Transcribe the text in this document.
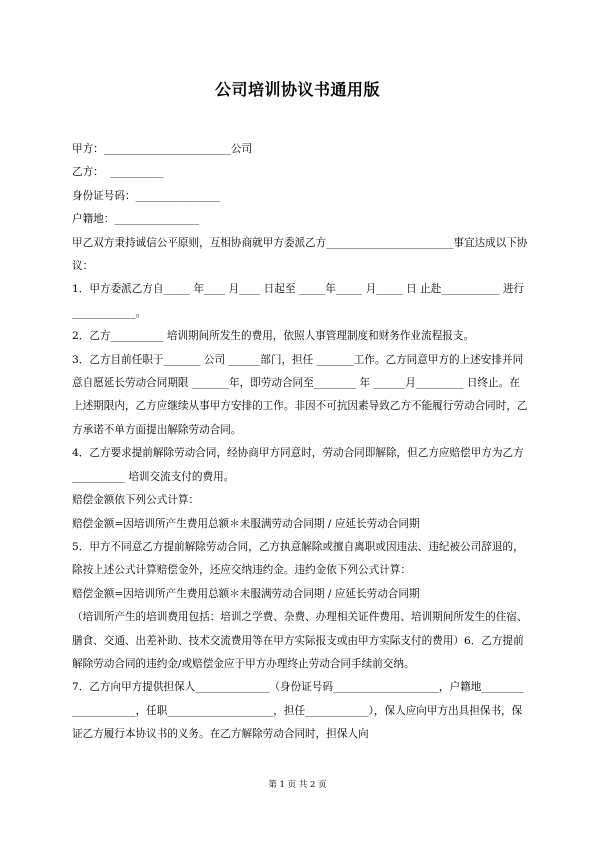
公司培训协议书通用版

甲方：________________________公司

乙方：  __________

身份证号码：________________

户籍地：________________

甲乙双方秉持诚信公平原则，互相协商就甲方委派乙方________________________事宜达成以下协议：

1．甲方委派乙方自_____ 年____ 月____ 日起至 _____年_____ 月_____ 日 止赴___________ 进行 ____________。

2．乙方__________ 培训期间所发生的费用，依照人事管理制度和财务作业流程报支。

3．乙方目前任职于_______ 公司 ______部门，担任 _______工作。乙方同意甲方的上述安排并同意自愿延长劳动合同期限 _______年，即劳动合同至________ 年 ______月_________ 日终止。在上述期限内，乙方应继续从事甲方安排的工作。非因不可抗因素导致乙方不能履行劳动合同时，乙方承诺不单方面提出解除劳动合同。

4．乙方要求提前解除劳动合同，经协商甲方同意时，劳动合同即解除，但乙方应赔偿甲方为乙方__________ 培训交流支付的费用。

赔偿金额依下列公式计算：

赔偿金额=因培训所产生费用总额＊未服满劳动合同期 / 应延长劳动合同期

5．甲方不同意乙方提前解除劳动合同，乙方执意解除或擅自离职或因违法、违纪被公司辞退的，除按上述公式计算赔偿金外，还应交纳违约金。违约金依下列公式计算：

赔偿金额=因培训所产生费用总额＊未服满劳动合同期 / 应延长劳动合同期

（培训所产生的培训费用包括：培训之学费、杂费、办理相关证件费用、培训期间所发生的住宿、膳食、交通、出差补助、技术交流费用等在甲方实际报支或由甲方实际支付的费用）6．乙方提前解除劳动合同的违约金/或赔偿金应于甲方办理终止劳动合同手续前交纳。

7．乙方向甲方提供担保人______________（身份证号码____________________，户籍地____________________，任职____________________，担任____________），保人应向甲方出具担保书，保证乙方履行本协议书的义务。在乙方解除劳动合同时，担保人向

第 1 页 共 2 页
